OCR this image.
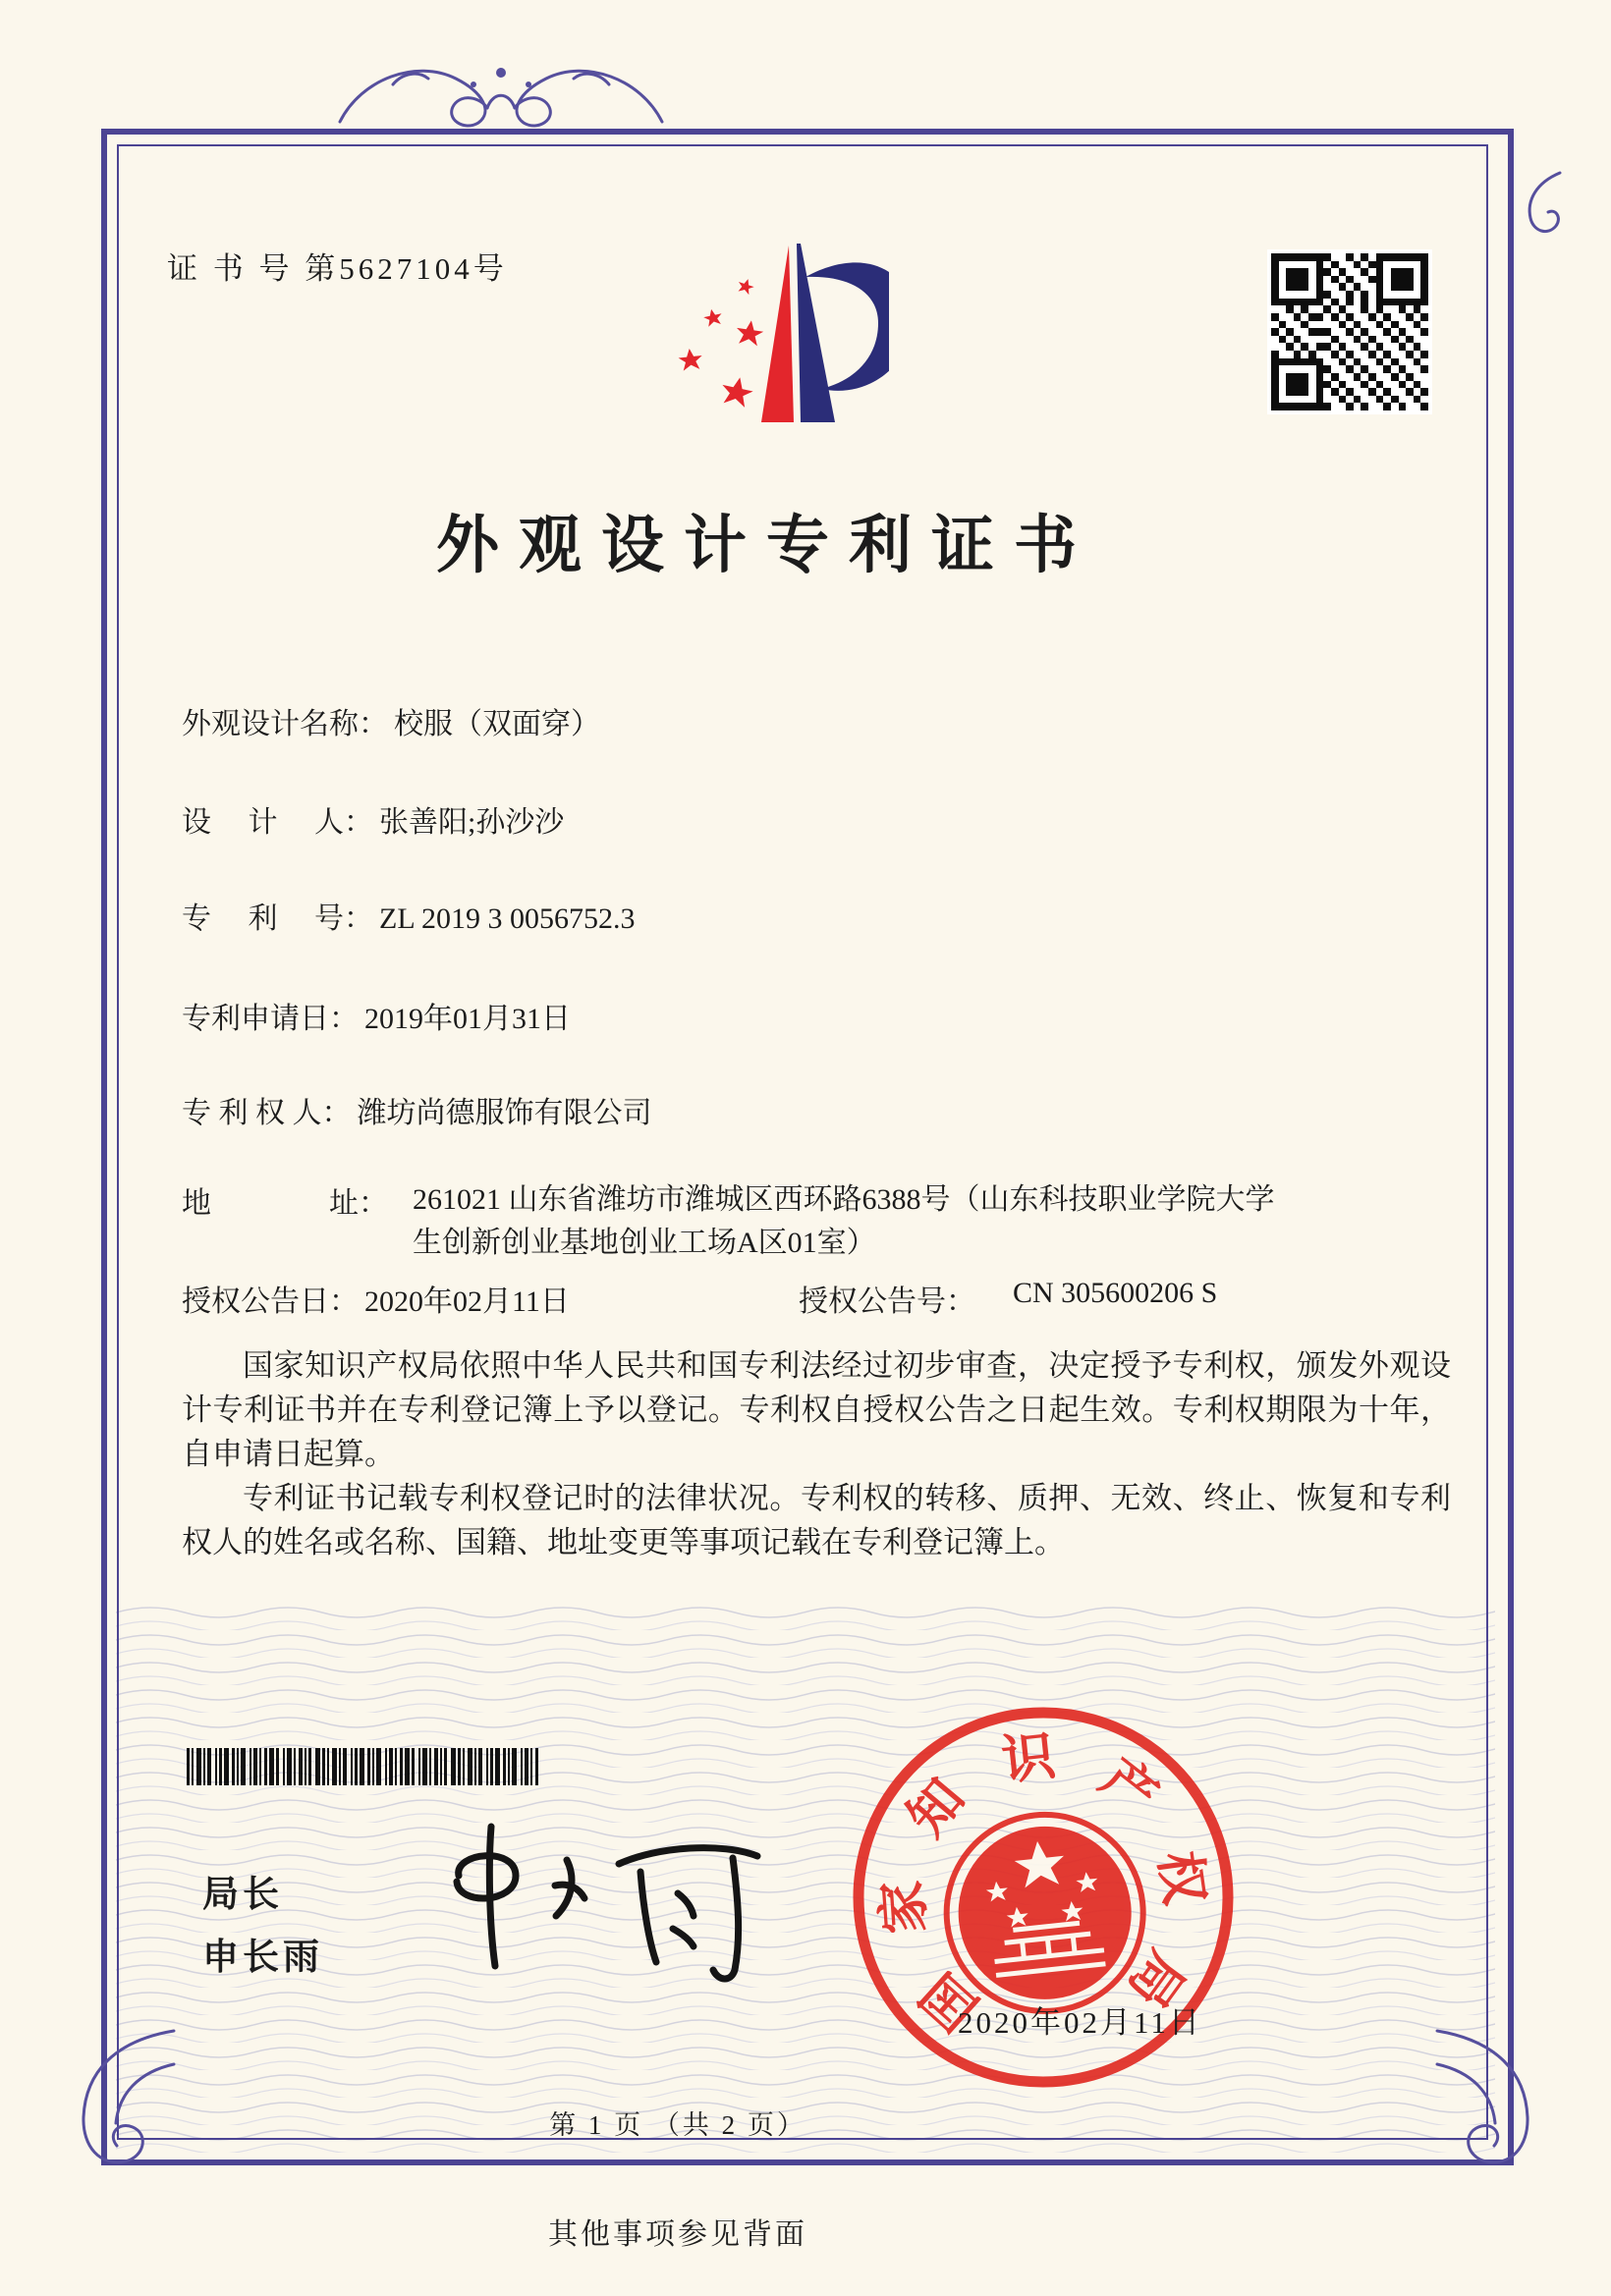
证 书 号 第5627104号
外观设计专利证书
外观设计名称： 校服（双面穿）
设　 计　 人： 张善阳;孙沙沙
专　 利　 号： ZL 2019 3 0056752.3
专利申请日： 2019年01月31日
专 利 权 人： 潍坊尚德服饰有限公司
地　　　　址： 261021 山东省潍坊市潍城区西环路6388号（山东科技职业学院大学生创新创业基地创业工场A区01室）
授权公告日： 2020年02月11日	授权公告号： CN 305600206 S

国家知识产权局依照中华人民共和国专利法经过初步审查，决定授予专利权，颁发外观设计专利证书并在专利登记簿上予以登记。专利权自授权公告之日起生效。专利权期限为十年，自申请日起算。

专利证书记载专利权登记时的法律状况。专利权的转移、质押、无效、终止、恢复和专利权人的姓名或名称、国籍、地址变更等事项记载在专利登记簿上。

局长
申长雨
国
家
知
识 产
权
局
2020年02月11日
第 1 页 （共 2 页）
其他事项参见背面
